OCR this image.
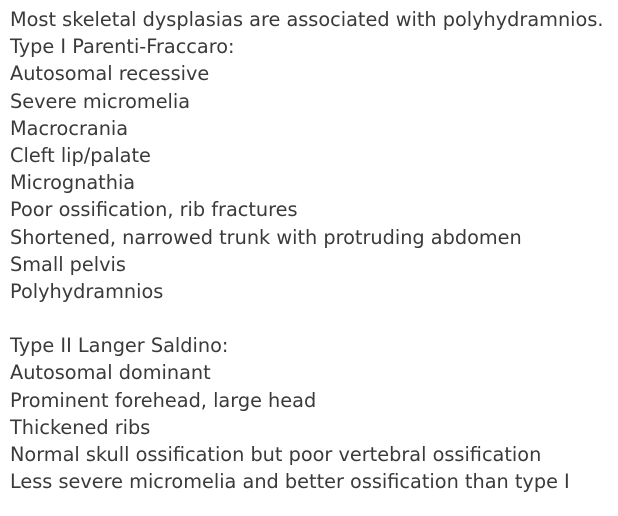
Most skeletal dysplasias are associated with polyhydramnios.
Type I Parenti-Fraccaro:
Autosomal recessive
Severe micromelia
Macrocrania
Cleft lip/palate
Micrognathia
Poor ossification, rib fractures
Shortened, narrowed trunk with protruding abdomen
Small pelvis
Polyhydramnios
Type II Langer Saldino:
Autosomal dominant
Prominent forehead, large head
Thickened ribs
Normal skull ossification but poor vertebral ossification
Less severe micromelia and better ossification than type I
